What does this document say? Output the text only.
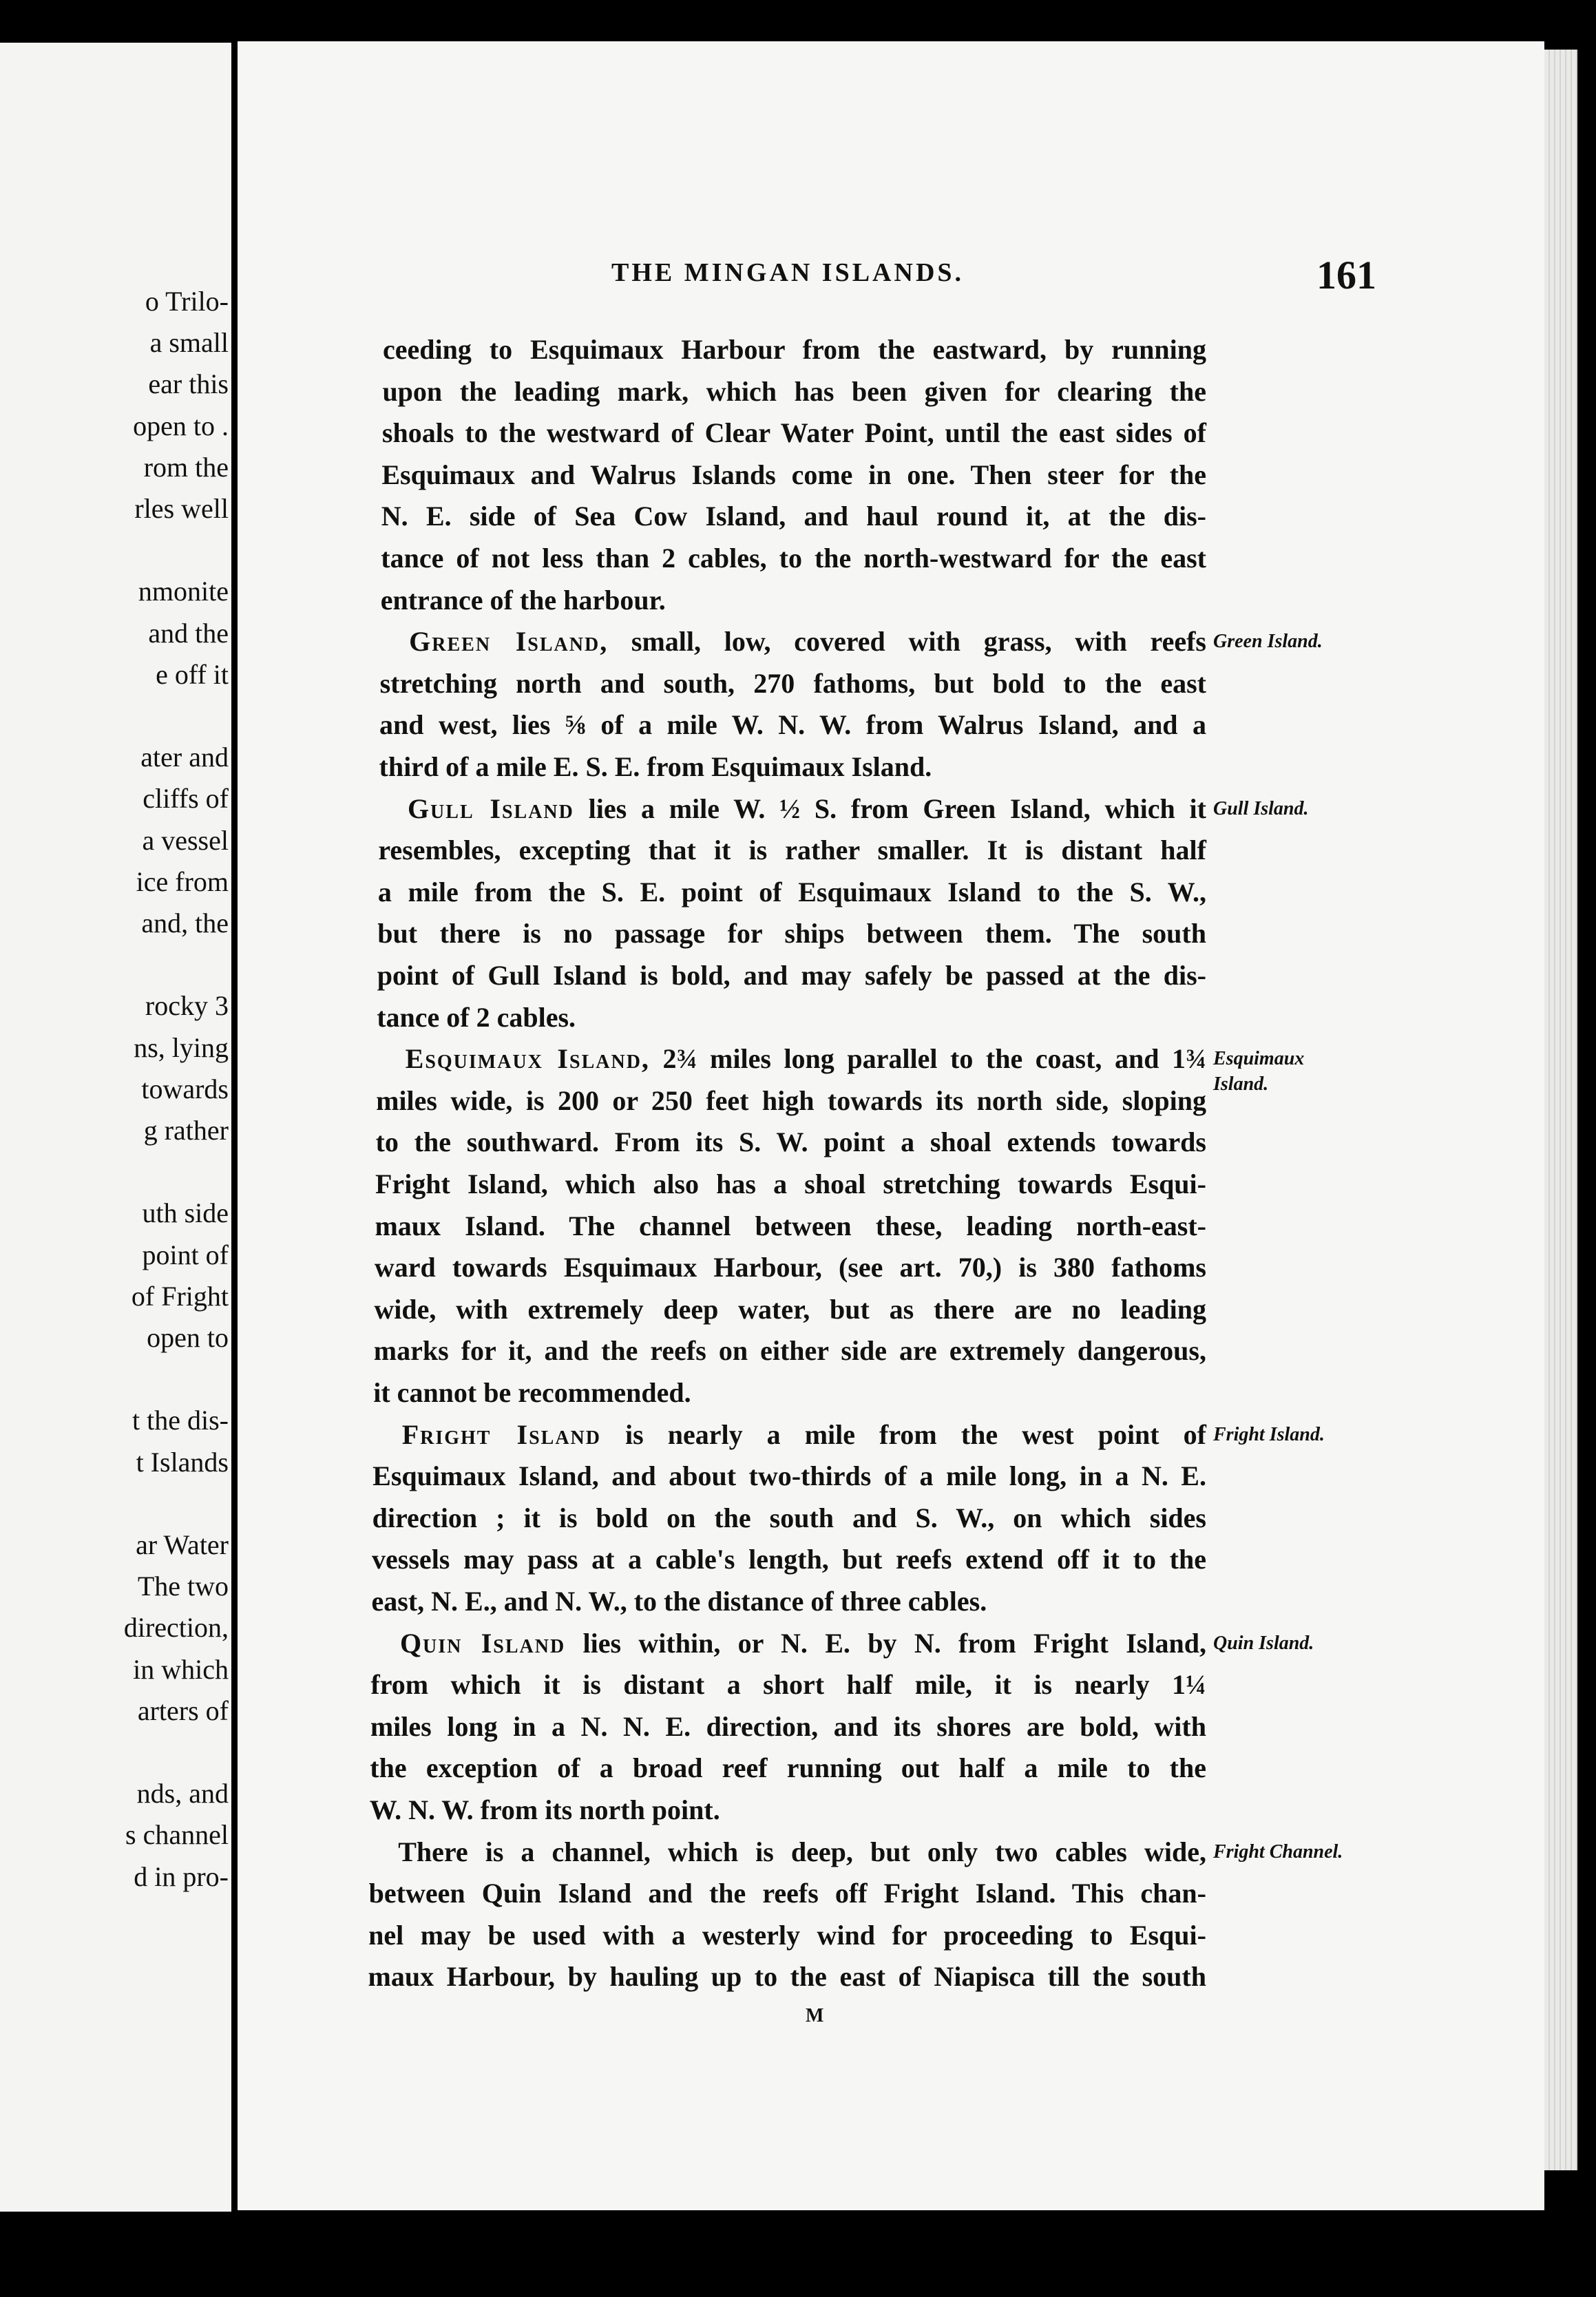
o Trilo-
a small
ear this
open to .
rom the
rles well
nmonite
and the
e off it
ater and
cliffs of
a vessel
ice from
and, the
rocky 3
ns, lying
towards
g rather
uth side
point of
of Fright
open to
t the dis-
t Islands
ar Water
The two
direction,
in which
arters of
nds, and
s channel
d in pro-
THE MINGAN ISLANDS.	161
ceeding to Esquimaux Harbour from the eastward, by running
upon the leading mark, which has been given for clearing the
shoals to the westward of Clear Water Point, until the east sides of
Esquimaux and Walrus Islands come in one. Then steer for the
N. E. side of Sea Cow Island, and haul round it, at the dis-
tance of not less than 2 cables, to the north-westward for the east
entrance of the harbour.
Green Island, small, low, covered with grass, with reefs
stretching north and south, 270 fathoms, but bold to the east
and west, lies ⅝ of a mile W. N. W. from Walrus Island, and a
third of a mile E. S. E. from Esquimaux Island.
Gull Island lies a mile W. ½ S. from Green Island, which it
resembles, excepting that it is rather smaller. It is distant half
a mile from the S. E. point of Esquimaux Island to the S. W.,
but there is no passage for ships between them. The south
point of Gull Island is bold, and may safely be passed at the dis-
tance of 2 cables.
Esquimaux Island, 2¾ miles long parallel to the coast, and 1¾
miles wide, is 200 or 250 feet high towards its north side, sloping
to the southward. From its S. W. point a shoal extends towards
Fright Island, which also has a shoal stretching towards Esqui-
maux Island. The channel between these, leading north-east-
ward towards Esquimaux Harbour, (see art. 70,) is 380 fathoms
wide, with extremely deep water, but as there are no leading
marks for it, and the reefs on either side are extremely dangerous,
it cannot be recommended.
Fright Island is nearly a mile from the west point of
Esquimaux Island, and about two-thirds of a mile long, in a N. E.
direction ; it is bold on the south and S. W., on which sides
vessels may pass at a cable's length, but reefs extend off it to the
east, N. E., and N. W., to the distance of three cables.
Quin Island lies within, or N. E. by N. from Fright Island,
from which it is distant a short half mile, it is nearly 1¼
miles long in a N. N. E. direction, and its shores are bold, with
the exception of a broad reef running out half a mile to the
W. N. W. from its north point.
There is a channel, which is deep, but only two cables wide,
between Quin Island and the reefs off Fright Island. This chan-
nel may be used with a westerly wind for proceeding to Esqui-
maux Harbour, by hauling up to the east of Niapisca till the south
Green Island.
Gull Island.
Esquimaux
Island.
Fright Island.
Quin Island.
Fright Channel.
M
